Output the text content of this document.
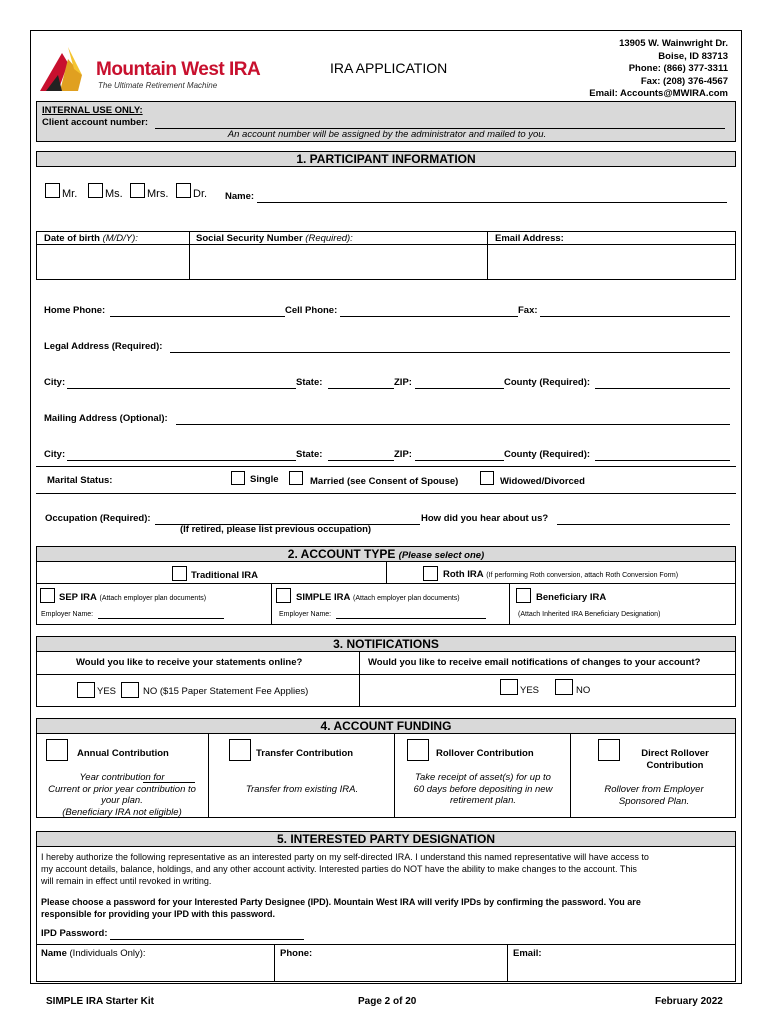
Mountain West IRA
The Ultimate Retirement Machine
IRA APPLICATION
13905 W. Wainwright Dr.
Boise, ID 83713
Phone: (866) 377-3311
Fax: (208) 376-4567
Email: Accounts@MWIRA.com
INTERNAL USE ONLY:
Client account number:
An account number will be assigned by the administrator and mailed to you.
1. PARTICIPANT INFORMATION
Mr.	Ms. Mrs. Dr. Name:
Date of birth (M/D/Y):	Social Security Number (Required):	Email Address:
Home Phone:	Cell Phone:	Fax:
Legal Address (Required):
City:	State:	ZIP:	County (Required):
Mailing Address (Optional):
City:	State:	ZIP:	County (Required):
Marital Status:	Single	Married (see Consent of Spouse)	Widowed/Divorced
Occupation (Required):
(If retired, please list previous occupation)
How did you hear about us?
2. ACCOUNT TYPE (Please select one)
Traditional IRA	Roth IRA (If performing Roth conversion, attach Roth Conversion Form)
SEP IRA (Attach employer plan documents)
Employer Name:
SIMPLE IRA (Attach employer plan documents)
Employer Name:
Beneficiary IRA
(Attach Inherited IRA Beneficiary Designation)
3. NOTIFICATIONS
Would you like to receive your statements online?	Would you like to receive email notifications of changes to your account?
YES	NO ($15 Paper Statement Fee Applies)	YES	NO
4. ACCOUNT FUNDING
Annual Contribution
Year contribution for
Current or prior year contribution to
your plan.
(Beneficiary IRA not eligible)
Transfer Contribution
Transfer from existing IRA.
Rollover Contribution
Take receipt of asset(s) for up to
60 days before depositing in new
retirement plan.
Direct Rollover
Contribution
Rollover from Employer
Sponsored Plan.
5. INTERESTED PARTY DESIGNATION
I hereby authorize the following representative as an interested party on my self-directed IRA. I understand this named representative will have access to
my account details, balance, holdings, and any other account activity. Interested parties do NOT have the ability to make changes to the account. This
will remain in effect until revoked in writing.
Please choose a password for your Interested Party Designee (IPD). Mountain West IRA will verify IPDs by confirming the password. You are
responsible for providing your IPD with this password.
IPD Password:
Name (Individuals Only):	Phone:	Email:
SIMPLE IRA Starter Kit	Page 2 of 20	February 2022
